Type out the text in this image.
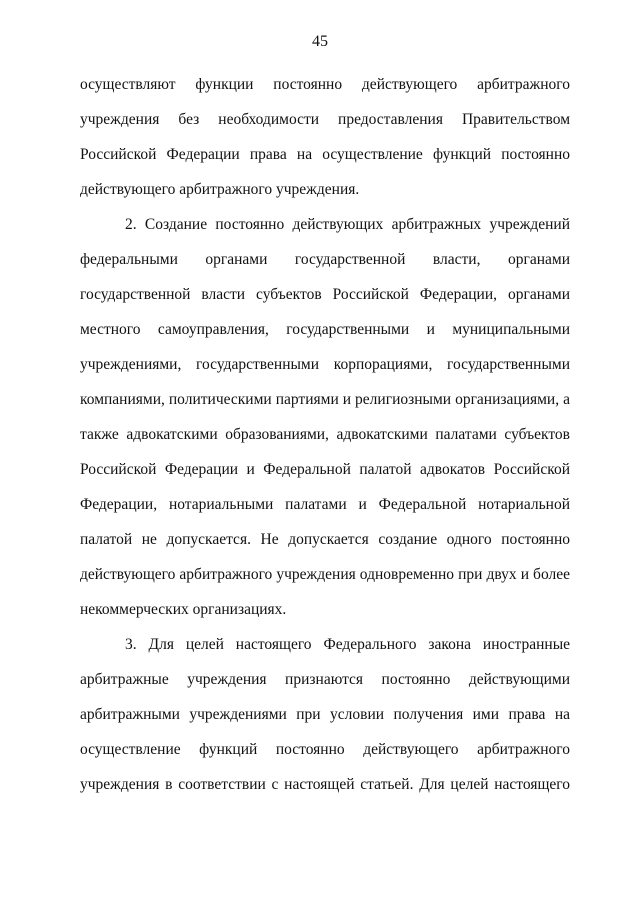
45
осуществляют функции постоянно действующего арбитражного
учреждения без необходимости предоставления Правительством
Российской Федерации права на осуществление функций постоянно
действующего арбитражного учреждения.
2. Создание постоянно действующих арбитражных учреждений
федеральными органами государственной власти, органами
государственной власти субъектов Российской Федерации, органами
местного самоуправления, государственными и муниципальными
учреждениями, государственными корпорациями, государственными
компаниями, политическими партиями и религиозными организациями, а
также адвокатскими образованиями, адвокатскими палатами субъектов
Российской Федерации и Федеральной палатой адвокатов Российской
Федерации, нотариальными палатами и Федеральной нотариальной
палатой не допускается. Не допускается создание одного постоянно
действующего арбитражного учреждения одновременно при двух и более
некоммерческих организациях.
3. Для целей настоящего Федерального закона иностранные
арбитражные учреждения признаются постоянно действующими
арбитражными учреждениями при условии получения ими права на
осуществление функций постоянно действующего арбитражного
учреждения в соответствии с настоящей статьей. Для целей настоящего
